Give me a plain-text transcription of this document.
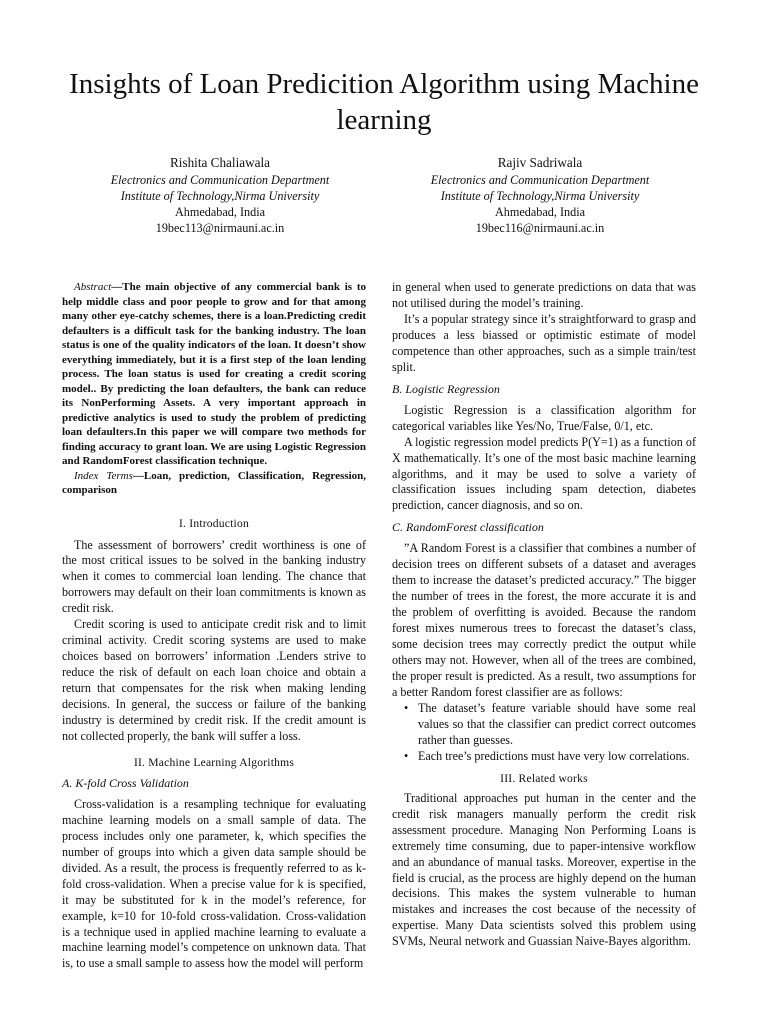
Insights of Loan Predicition Algorithm using Machine learning
Rishita Chaliawala
Electronics and Communication Department
Institute of Technology,Nirma University
Ahmedabad, India
19bec113@nirmauni.ac.in
Rajiv Sadriwala
Electronics and Communication Department
Institute of Technology,Nirma University
Ahmedabad, India
19bec116@nirmauni.ac.in

Abstract—The main objective of any commercial bank is to help middle class and poor people to grow and for that among many other eye-catchy schemes, there is a loan.Predicting credit defaulters is a difficult task for the banking industry. The loan status is one of the quality indicators of the loan. It doesn’t show everything immediately, but it is a first step of the loan lending process. The loan status is used for creating a credit scoring model.. By predicting the loan defaulters, the bank can reduce its NonPerforming Assets. A very important approach in predictive analytics is used to study the problem of predicting loan defaulters.In this paper we will compare two methods for finding accuracy to grant loan. We are using Logistic Regression and RandomForest classification technique.

Index Terms—Loan, prediction, Classification, Regression, comparison

I. Introduction

The assessment of borrowers’ credit worthiness is one of the most critical issues to be solved in the banking industry when it comes to commercial loan lending. The chance that borrowers may default on their loan commitments is known as credit risk.

Credit scoring is used to anticipate credit risk and to limit criminal activity. Credit scoring systems are used to make choices based on borrowers’ information .Lenders strive to reduce the risk of default on each loan choice and obtain a return that compensates for the risk when making lending decisions. In general, the success or failure of the banking industry is determined by credit risk. If the credit amount is not collected properly, the bank will suffer a loss.

II. Machine Learning Algorithms
A. K-fold Cross Validation

Cross-validation is a resampling technique for evaluating machine learning models on a small sample of data. The process includes only one parameter, k, which specifies the number of groups into which a given data sample should be divided. As a result, the process is frequently referred to as k-fold cross-validation. When a precise value for k is specified, it may be substituted for k in the model’s reference, for example, k=10 for 10-fold cross-validation. Cross-validation is a technique used in applied machine learning to evaluate a machine learning model’s competence on unknown data. That is, to use a small sample to assess how the model will perform

in general when used to generate predictions on data that was not utilised during the model’s training.

It’s a popular strategy since it’s straightforward to grasp and produces a less biassed or optimistic estimate of model competence than other approaches, such as a simple train/test split.

B. Logistic Regression

Logistic Regression is a classification algorithm for categorical variables like Yes/No, True/False, 0/1, etc.

A logistic regression model predicts P(Y=1) as a function of X mathematically. It’s one of the most basic machine learning algorithms, and it may be used to solve a variety of classification issues including spam detection, diabetes prediction, cancer diagnosis, and so on.

C. RandomForest classification

”A Random Forest is a classifier that combines a number of decision trees on different subsets of a dataset and averages them to increase the dataset’s predicted accuracy.” The bigger the number of trees in the forest, the more accurate it is and the problem of overfitting is avoided. Because the random forest mixes numerous trees to forecast the dataset’s class, some decision trees may correctly predict the output while others may not. However, when all of the trees are combined, the proper result is predicted. As a result, two assumptions for a better Random forest classifier are as follows:

• The dataset’s feature variable should have some real values so that the classifier can predict correct outcomes rather than guesses.
• Each tree’s predictions must have very low correlations.
III. Related works

Traditional approaches put human in the center and the credit risk managers manually perform the credit risk assessment procedure. Managing Non Performing Loans is extremely time consuming, due to paper-intensive workflow and an abundance of manual tasks. Moreover, expertise in the field is crucial, as the process are highly depend on the human decisions. This makes the system vulnerable to human mistakes and increases the cost because of the necessity of expertise. Many Data scientists solved this problem using SVMs, Neural network and Guassian Naive-Bayes algorithm.
